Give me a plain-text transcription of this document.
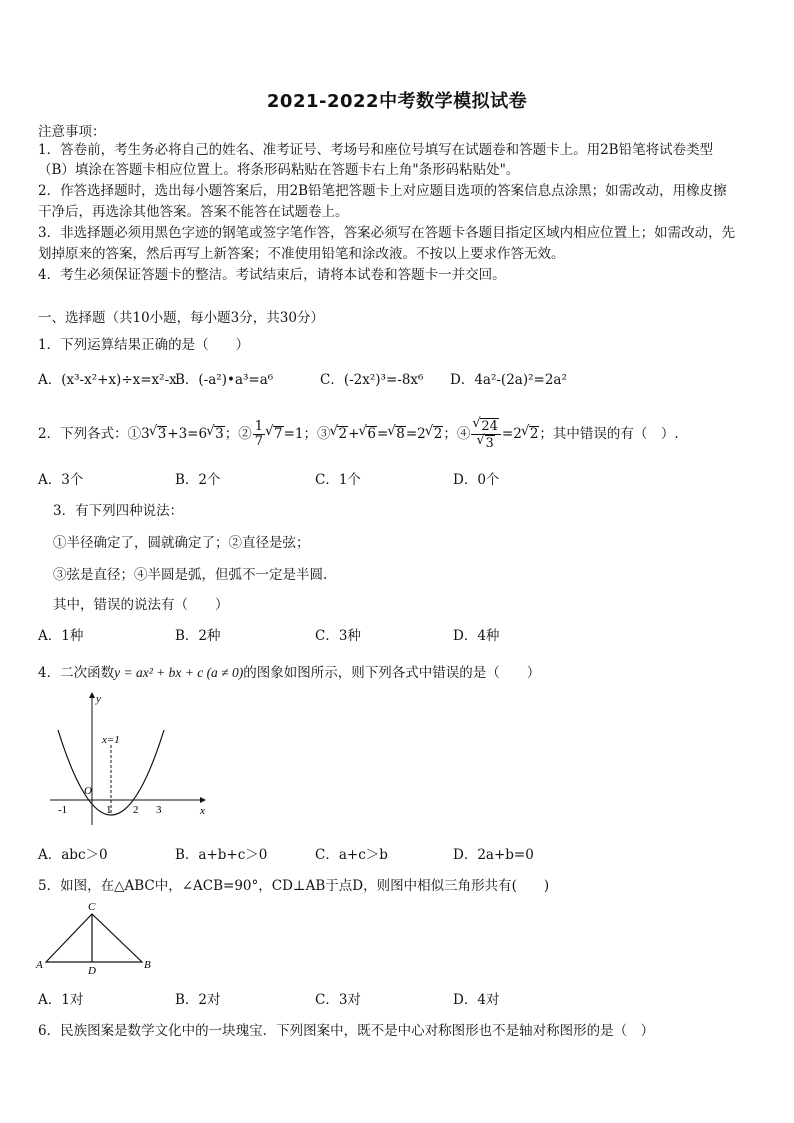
2021-2022中考数学模拟试卷
注意事项：
1．答卷前，考生务必将自己的姓名、准考证号、考场号和座位号填写在试题卷和答题卡上。用2B铅笔将试卷类型
（B）填涂在答题卡相应位置上。将条形码粘贴在答题卡右上角"条形码粘贴处"。
2．作答选择题时，选出每小题答案后，用2B铅笔把答题卡上对应题目选项的答案信息点涂黑；如需改动，用橡皮擦
干净后，再选涂其他答案。答案不能答在试题卷上。
3．非选择题必须用黑色字迹的钢笔或签字笔作答，答案必须写在答题卡各题目指定区域内相应位置上；如需改动，先
划掉原来的答案，然后再写上新答案；不准使用铅笔和涂改液。不按以上要求作答无效。
4．考生必须保证答题卡的整洁。考试结束后，请将本试卷和答题卡一并交回。
一、选择题（共10小题，每小题3分，共30分）
1．下列运算结果正确的是（　　）
A．(x³-x²+x)÷x=x²-x
B．(-a²)•a³=a⁶	C．(-2x²)³=-8x⁶ D．4a²-(2a)²=2a²
2．下列各式：①3 √ 3+3=6 √ 3；② $\frac{1}{7}$ √ 7=1；③ √ 2+ √ 6= √ 8=2 √ 2；④ √ 24
√ 3 =2 √ 2；其中错误的有（　）.
A．3个	B．2个	C．1个	D．0个
3．有下列四种说法：
①半径确定了，圆就确定了；②直径是弦；
③弦是直径；④半圆是弧，但弧不一定是半圆.
其中，错误的说法有（　　）
A．1种	B．2种	C．3种	D．4种
4．二次函数y = ax² + bx + c (a ≠ 0)的图象如图所示，则下列各式中错误的是（　　）
y
x
O
x=1
-1	1 2 3
A．abc＞0	B．a+b+c＞0	C．a+c＞b	D．2a+b=0
5．如图，在△ABC中，∠ACB=90°，CD⊥AB于点D，则图中相似三角形共有(　　)
A	B
C
D
A．1对	B．2对	C．3对	D．4对
6．民族图案是数学文化中的一块瑰宝．下列图案中，既不是中心对称图形也不是轴对称图形的是（　）
